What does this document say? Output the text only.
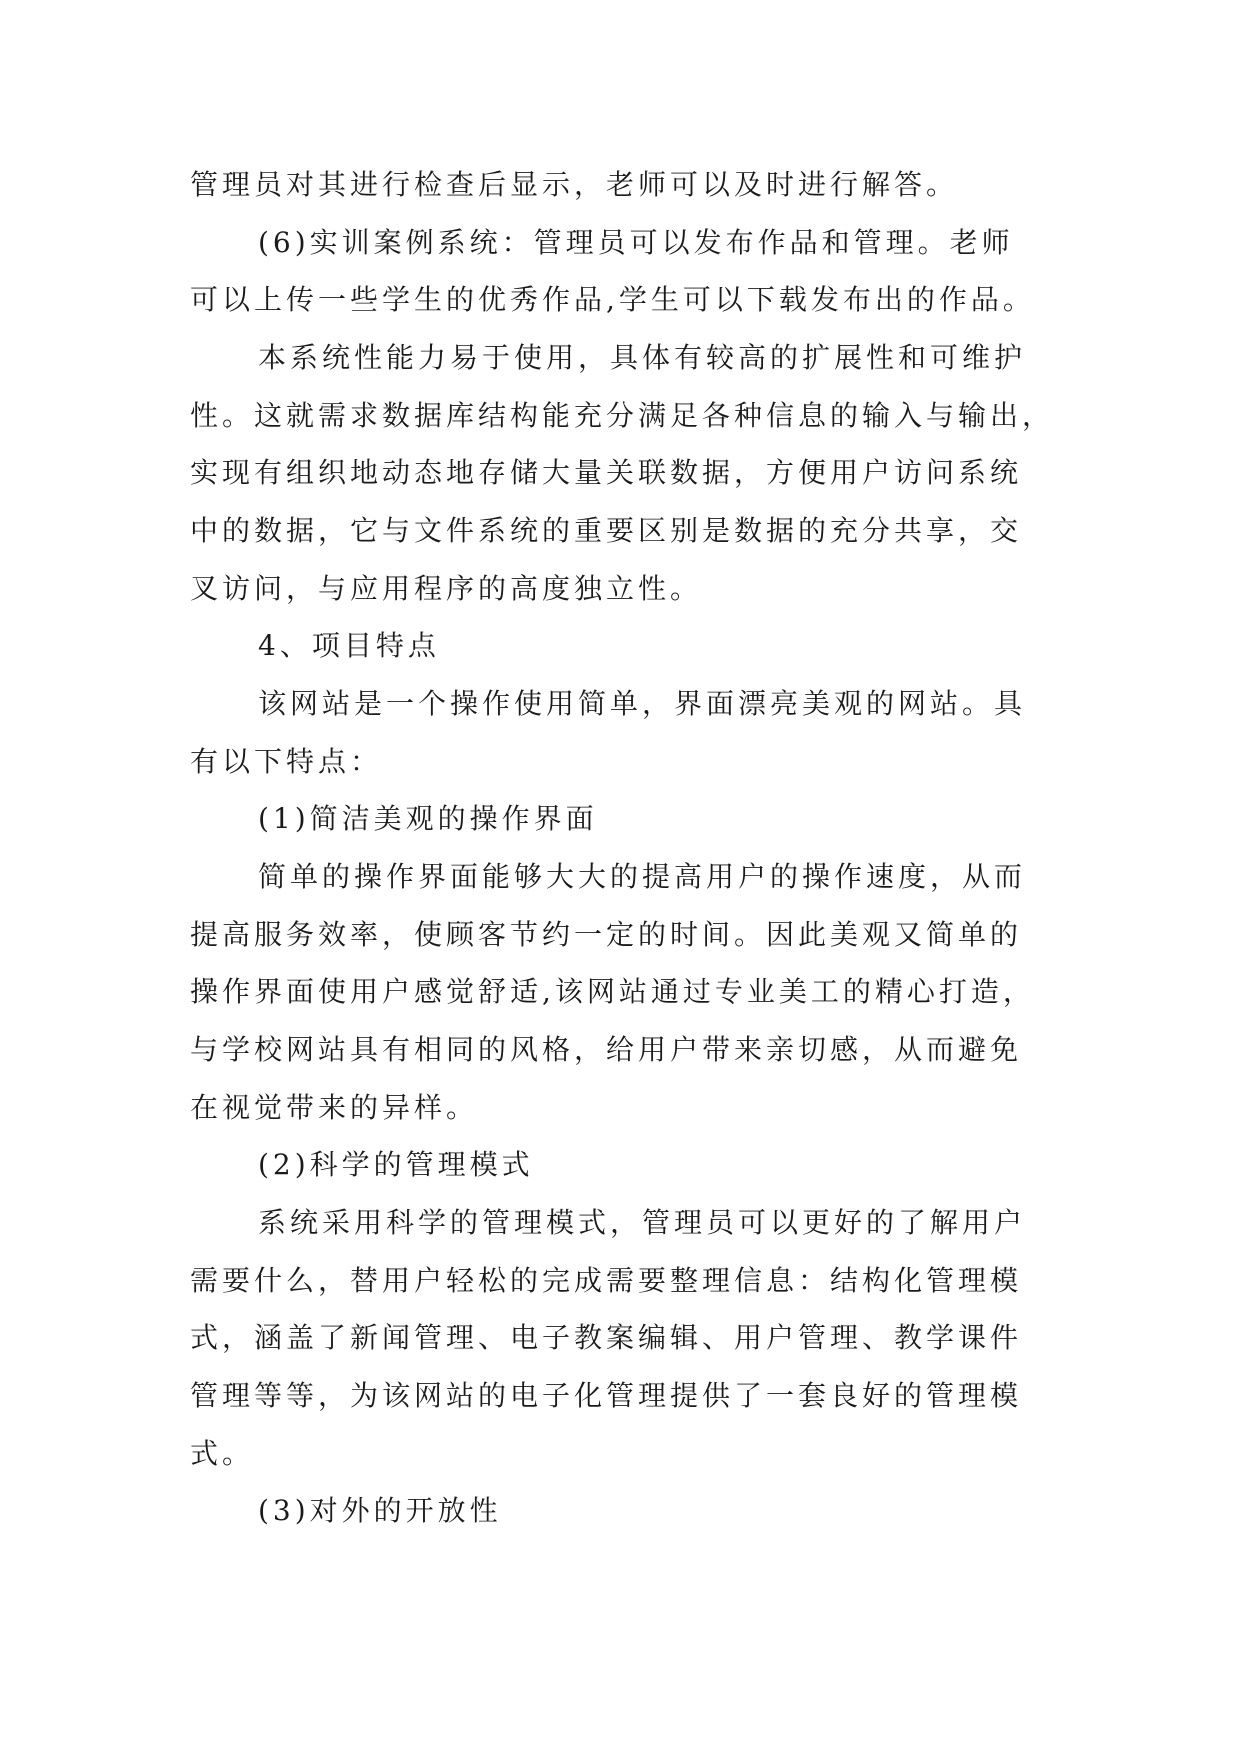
管理员对其进行检查后显示，老师可以及时进行解答。

(6)实训案例系统：管理员可以发布作品和管理。老师

可以上传一些学生的优秀作品,学生可以下载发布出的作品。

本系统性能力易于使用，具体有较高的扩展性和可维护

性。这就需求数据库结构能充分满足各种信息的输入与输出，

实现有组织地动态地存储大量关联数据，方便用户访问系统

中的数据，它与文件系统的重要区别是数据的充分共享，交

叉访问，与应用程序的高度独立性。

4、项目特点

该网站是一个操作使用简单，界面漂亮美观的网站。具

有以下特点：

(1)简洁美观的操作界面

简单的操作界面能够大大的提高用户的操作速度，从而

提高服务效率，使顾客节约一定的时间。因此美观又简单的

操作界面使用户感觉舒适,该网站通过专业美工的精心打造，

与学校网站具有相同的风格，给用户带来亲切感，从而避免

在视觉带来的异样。

(2)科学的管理模式

系统采用科学的管理模式，管理员可以更好的了解用户

需要什么，替用户轻松的完成需要整理信息：结构化管理模

式，涵盖了新闻管理、电子教案编辑、用户管理、教学课件

管理等等，为该网站的电子化管理提供了一套良好的管理模

式。

(3)对外的开放性
